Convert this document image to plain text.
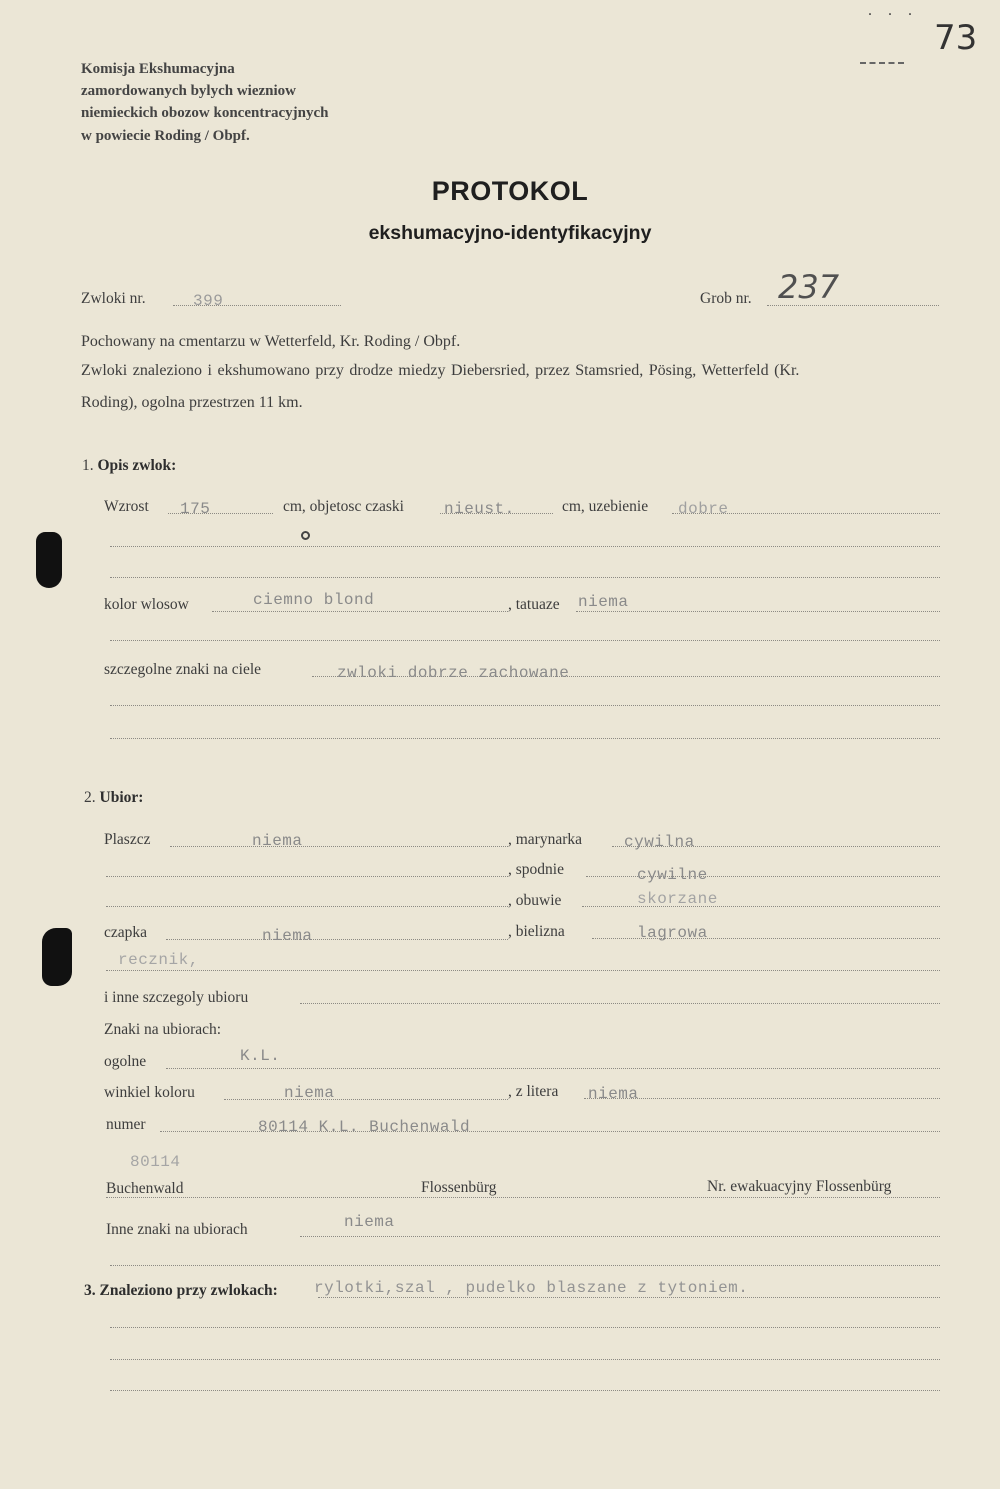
73
. . .
Komisja Ekshumacyjna
zamordowanych bylych wiezniow
niemieckich obozow koncentracyjnych
w powiecie Roding / Obpf.
PROTOKOL
ekshumacyjno-identyfikacyjny
Zwloki nr.	399	Grob nr. 237
Pochowany na cmentarzu w Wetterfeld, Kr. Roding / Obpf.
Zwloki znaleziono i ekshumowano przy drodze miedzy Diebersried, przez Stamsried, Pösing, Wetterfeld (Kr.
Roding), ogolna przestrzen 11 km.
1. Opis zwlok:
Wzrost 175	cm, objetosc czaski	nieust.	cm, uzebienie dobre
kolor wlosow	ciemno blond	, tatuaze niema
szczegolne znaki na ciele	zwloki dobrze zachowane
2. Ubior:
Plaszcz	niema	, marynarka	cywilna
, spodnie	cywilne
, obuwie	skorzane
czapka	niema	, bielizna	lagrowa
recznik,
i inne szczegoly ubioru
Znaki na ubiorach:
ogolne	K.L.
winkiel koloru	niema	, z litera niema
numer	80114 K.L. Buchenwald
80114
Buchenwald	Flossenbürg	Nr. ewakuacyjny Flossenbürg
Inne znaki na ubiorach	niema
3. Znaleziono przy zwlokach: rylotki,szal , pudelko blaszane z tytoniem.
